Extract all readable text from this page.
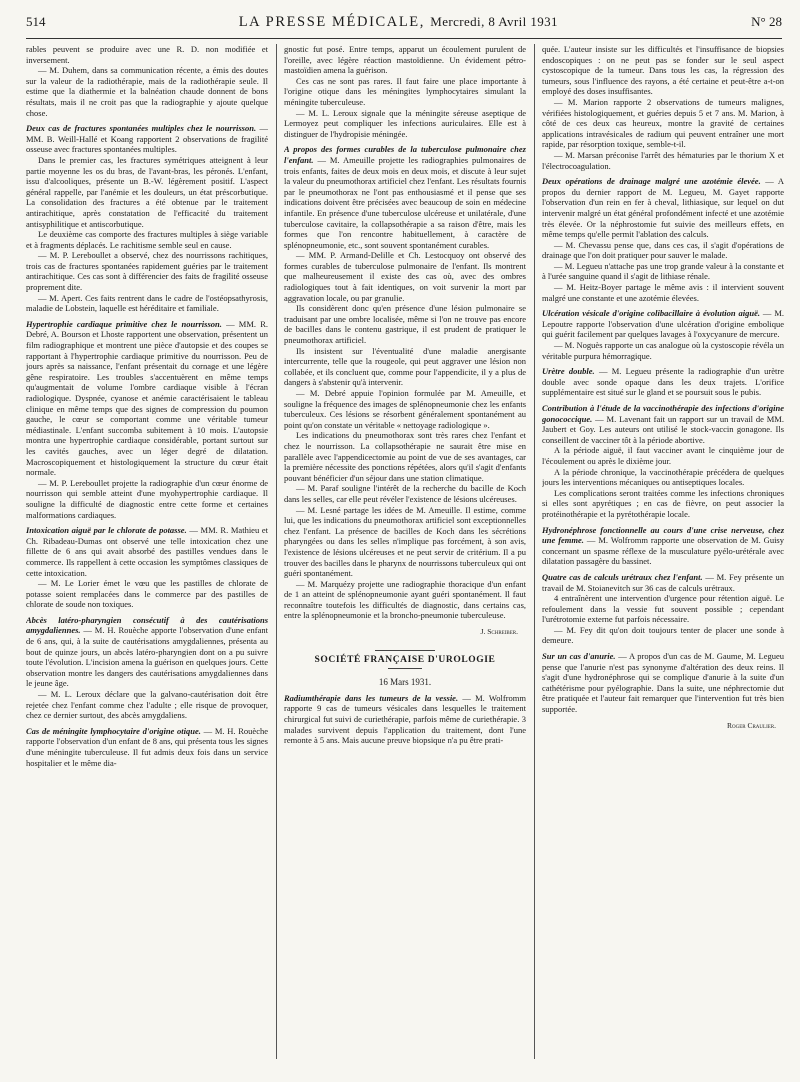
514	LA PRESSE MÉDICALE, Mercredi, 8 Avril 1931	N° 28

rables peuvent se produire avec une R. D. non modifiée et inversement.

— M. Duhem, dans sa communication récente, a émis des doutes sur la valeur de la radiothérapie, mais de la radiothérapie seule. Il estime que la diathermie et la balnéation chaude donnent de bons résultats, mais il ne croit pas que la radiographie y ajoute quelque chose.

Deux cas de fractures spontanées multiples chez le nourrisson. — MM. B. Weill-Hallé et Koang rapportent 2 observations de fragilité osseuse avec fractures spontanées multiples.

Dans le premier cas, les fractures symétriques atteignent à leur partie moyenne les os du bras, de l'avant-bras, les péronés. L'enfant, issu d'alcooliques, présente un B.-W. légèrement positif. L'aspect général rappelle, par l'anémie et les douleurs, un état préscorbutique. La consolidation des fractures a été obtenue par le traitement antirachitique, après constatation de l'efficacité du traitement antisyphilitique et antiscorbutique.

Le deuxième cas comporte des fractures multiples à siège variable et à fragments déplacés. Le rachitisme semble seul en cause.

— M. P. Lereboullet a observé, chez des nourrissons rachitiques, trois cas de fractures spontanées rapidement guéries par le traitement antirachitique. Ces cas sont à différencier des faits de fragilité osseuse proprement dite.

— M. Apert. Ces faits rentrent dans le cadre de l'ostéopsathyrosis, maladie de Lobstein, laquelle est héréditaire et familiale.

Hypertrophie cardiaque primitive chez le nourrisson. — MM. R. Debré, A. Bourson et Lhoste rapportent une observation, présentent un film radiographique et montrent une pièce d'autopsie et des coupes se rapportant à l'hypertrophie cardiaque primitive du nourrisson. Peu de jours après sa naissance, l'enfant présentait du cornage et une légère gêne respiratoire. Les troubles s'accentuèrent en même temps qu'augmentait de volume l'ombre cardiaque visible à l'écran radiologique. Dyspnée, cyanose et anémie caractérisaient le tableau clinique en même temps que des signes de compression du poumon gauche, le cœur se comportant comme une véritable tumeur médiastinale. L'enfant succomba subitement à 10 mois. L'autopsie montra une hypertrophie cardiaque considérable, portant surtout sur les cavités gauches, avec un léger degré de dilatation. Macroscopiquement et histologiquement la structure du cœur était normale.

— M. P. Lereboullet projette la radiographie d'un cœur énorme de nourrisson qui semble atteint d'une myohypertrophie cardiaque. Il souligne la difficulté de diagnostic entre cette forme et certaines malformations cardiaques.

Intoxication aiguë par le chlorate de potasse. — MM. R. Mathieu et Ch. Ribadeau-Dumas ont observé une telle intoxication chez une fillette de 6 ans qui avait absorbé des pastilles vendues dans le commerce. Ils rappellent à cette occasion les symptômes classiques de cette intoxication.

— M. Le Lorier émet le vœu que les pastilles de chlorate de potasse soient remplacées dans le commerce par des pastilles de chlorate de soude non toxiques.

Abcès latéro-pharyngien consécutif à des cautérisations amygdaliennes. — M. H. Rouèche apporte l'observation d'une enfant de 6 ans, qui, à la suite de cautérisations amygdaliennes, présenta au bout de quinze jours, un abcès latéro-pharyngien dont on a pu suivre toute l'évolution. L'incision amena la guérison en quelques jours. Cette observation montre les dangers des cautérisations amygdaliennes dans le jeune âge.

— M. L. Leroux déclare que la galvano-cautérisation doit être rejetée chez l'enfant comme chez l'adulte ; elle risque de provoquer, chez ce dernier surtout, des abcès amygdaliens.

Cas de méningite lymphocytaire d'origine otique. — M. H. Rouèche rapporte l'observation d'un enfant de 8 ans, qui présenta tous les signes d'une méningite tuberculeuse. Il fut admis deux fois dans un service hospitalier et le même dia-

gnostic fut posé. Entre temps, apparut un écoulement purulent de l'oreille, avec légère réaction mastoïdienne. Un évidement pétro-mastoïdien amena la guérison.

Ces cas ne sont pas rares. Il faut faire une place importante à l'origine otique dans les méningites lymphocytaires simulant la méningite tuberculeuse.

— M. L. Leroux signale que la méningite séreuse aseptique de Lermoyez peut compliquer les infections auriculaires. Elle est à distinguer de l'hydropisie méningée.

A propos des formes curables de la tuberculose pulmonaire chez l'enfant. — M. Ameuille projette les radiographies pulmonaires de trois enfants, faites de deux mois en deux mois, et discute à leur sujet la valeur du pneumothorax artificiel chez l'enfant. Les résultats fournis par le pneumothorax ne l'ont pas enthousiasmé et il pense que ses indications doivent être précisées avec beaucoup de soin en médecine infantile. En présence d'une tuberculose ulcéreuse et unilatérale, d'une tuberculose cavitaire, la collapsothérapie a sa raison d'être, mais les formes que l'on rencontre habituellement, à caractère de splénopneumonie, etc., sont souvent spontanément curables.

— MM. P. Armand-Delille et Ch. Lestocquoy ont observé des formes curables de tuberculose pulmonaire de l'enfant. Ils montrent que malheureusement il existe des cas où, avec des ombres radiologiques tout à fait identiques, on voit survenir la mort par aggravation locale, ou par granulie.

Ils considèrent donc qu'en présence d'une lésion pulmonaire se traduisant par une ombre localisée, même si l'on ne trouve pas encore de bacilles dans le contenu gastrique, il est prudent de pratiquer le pneumothorax artificiel.

Ils insistent sur l'éventualité d'une maladie anergisante intercurrente, telle que la rougeole, qui peut aggraver une lésion non collabée, et ils concluent que, comme pour l'appendicite, il y a plus de dangers à s'abstenir qu'à intervenir.

— M. Debré appuie l'opinion formulée par M. Ameuille, et souligne la fréquence des images de splénopneumonie chez les enfants tuberculeux. Ces lésions se résorbent généralement spontanément au point qu'on constate un véritable « nettoyage radiologique ».

Les indications du pneumothorax sont très rares chez l'enfant et chez le nourrisson. La collapsothérapie ne saurait être mise en parallèle avec l'appendicectomie au point de vue de ses avantages, car la première nécessite des ponctions répétées, alors qu'il s'agit d'enfants pouvant bénéficier d'un séjour dans une station climatique.

— M. Paraf souligne l'intérêt de la recherche du bacille de Koch dans les selles, car elle peut révéler l'existence de lésions ulcéreuses.

— M. Lesné partage les idées de M. Ameuille. Il estime, comme lui, que les indications du pneumothorax artificiel sont exceptionnelles chez l'enfant. La présence de bacilles de Koch dans les sécrétions pharyngées ou dans les selles n'implique pas forcément, à son avis, l'existence de lésions ulcéreuses et ne peut servir de critérium. Il a pu trouver des bacilles dans le pharynx de nourrissons tuberculeux qui ont guéri spontanément.

— M. Marquézy projette une radiographie thoracique d'un enfant de 1 an atteint de splénopneumonie ayant guéri spontanément. Il faut reconnaître toutefois les difficultés de diagnostic, dans certains cas, entre la splénopneumonie et la broncho-pneumonie tuberculeuse.

J. Schreiber.

SOCIÉTÉ FRANÇAISE D'UROLOGIE

16 Mars 1931.

Radiumthérapie dans les tumeurs de la vessie. — M. Wolfromm rapporte 9 cas de tumeurs vésicales dans lesquelles le traitement chirurgical fut suivi de curiethérapie, parfois même de curiethérapie. 3 malades survivent depuis l'application du traitement, dont l'une remonte à 5 ans. Mais aucune preuve biopsique n'a pu être prati-

quée. L'auteur insiste sur les difficultés et l'insuffisance de biopsies endoscopiques : on ne peut pas se fonder sur le seul aspect cystoscopique de la tumeur. Dans tous les cas, la régression des tumeurs, sous l'influence des rayons, a été certaine et peut-être a-t-on employé des doses insuffisantes.

— M. Marion rapporte 2 observations de tumeurs malignes, vérifiées histologiquement, et guéries depuis 5 et 7 ans. M. Marion, à côté de ces deux cas heureux, montre la gravité de certaines applications intravésicales de radium qui peuvent entraîner une mort rapide, par résorption toxique, semble-t-il.

— M. Marsan préconise l'arrêt des hématuries par le thorium X et l'électrocoagulation.

Deux opérations de drainage malgré une azotémie élevée. — A propos du dernier rapport de M. Legueu, M. Gayet rapporte l'observation d'un rein en fer à cheval, lithiasique, sur lequel on dut intervenir malgré un état général profondément infecté et une azotémie très élevée. Or la néphrostomie fut suivie des meilleurs effets, en même temps qu'elle permit l'ablation des calculs.

— M. Chevassu pense que, dans ces cas, il s'agit d'opérations de drainage que l'on doit pratiquer pour sauver le malade.

— M. Legueu n'attache pas une trop grande valeur à la constante et à l'urée sanguine quand il s'agit de lithiase rénale.

— M. Heitz-Boyer partage le même avis : il intervient souvent malgré une constante et une azotémie élevées.

Ulcération vésicale d'origine colibacillaire à évolution aiguë. — M. Lepoutre rapporte l'observation d'une ulcération d'origine embolique qui guérit facilement par quelques lavages à l'oxycyanure de mercure.

— M. Noguès rapporte un cas analogue où la cystoscopie révéla un véritable purpura hémorragique.

Urètre double. — M. Legueu présente la radiographie d'un urètre double avec sonde opaque dans les deux trajets. L'orifice supplémentaire est situé sur le gland et se poursuit sous le pubis.

Contribution à l'étude de la vaccinothérapie des infections d'origine gonococcique. — M. Lavenant fait un rapport sur un travail de MM. Jaubert et Goy. Les auteurs ont utilisé le stock-vaccin gonagone. Ils conseillent de vacciner tôt à la période abortive.

A la période aiguë, il faut vacciner avant le cinquième jour de l'écoulement ou après le dixième jour.

A la période chronique, la vaccinothérapie précédera de quelques jours les interventions mécaniques ou antiseptiques locales.

Les complications seront traitées comme les infections chroniques si elles sont apyrétiques ; en cas de fièvre, on peut associer la protéinothérapie et la pyrétothérapie locale.

Hydronéphrose fonctionnelle au cours d'une crise nerveuse, chez une femme. — M. Wolfromm rapporte une observation de M. Guisy concernant un spasme réflexe de la musculature pyélo-urétérale avec dilatation passagère du bassinet.

Quatre cas de calculs urétraux chez l'enfant. — M. Fey présente un travail de M. Stoianevitch sur 36 cas de calculs urétraux.

4 entraînèrent une intervention d'urgence pour rétention aiguë. Le refoulement dans la vessie fut souvent possible ; cependant l'urétrotomie externe fut parfois nécessaire.

— M. Fey dit qu'on doit toujours tenter de placer une sonde à demeure.

Sur un cas d'anurie. — A propos d'un cas de M. Gaume, M. Legueu pense que l'anurie n'est pas synonyme d'altération des deux reins. Il s'agit d'une hydronéphrose qui se complique d'anurie à la suite d'un cathétérisme pour pyélographie. Dans la suite, une néphrectomie dut être pratiquée et l'auteur fait remarquer que l'intervention fut très bien supportée.

Roger Craulier.
